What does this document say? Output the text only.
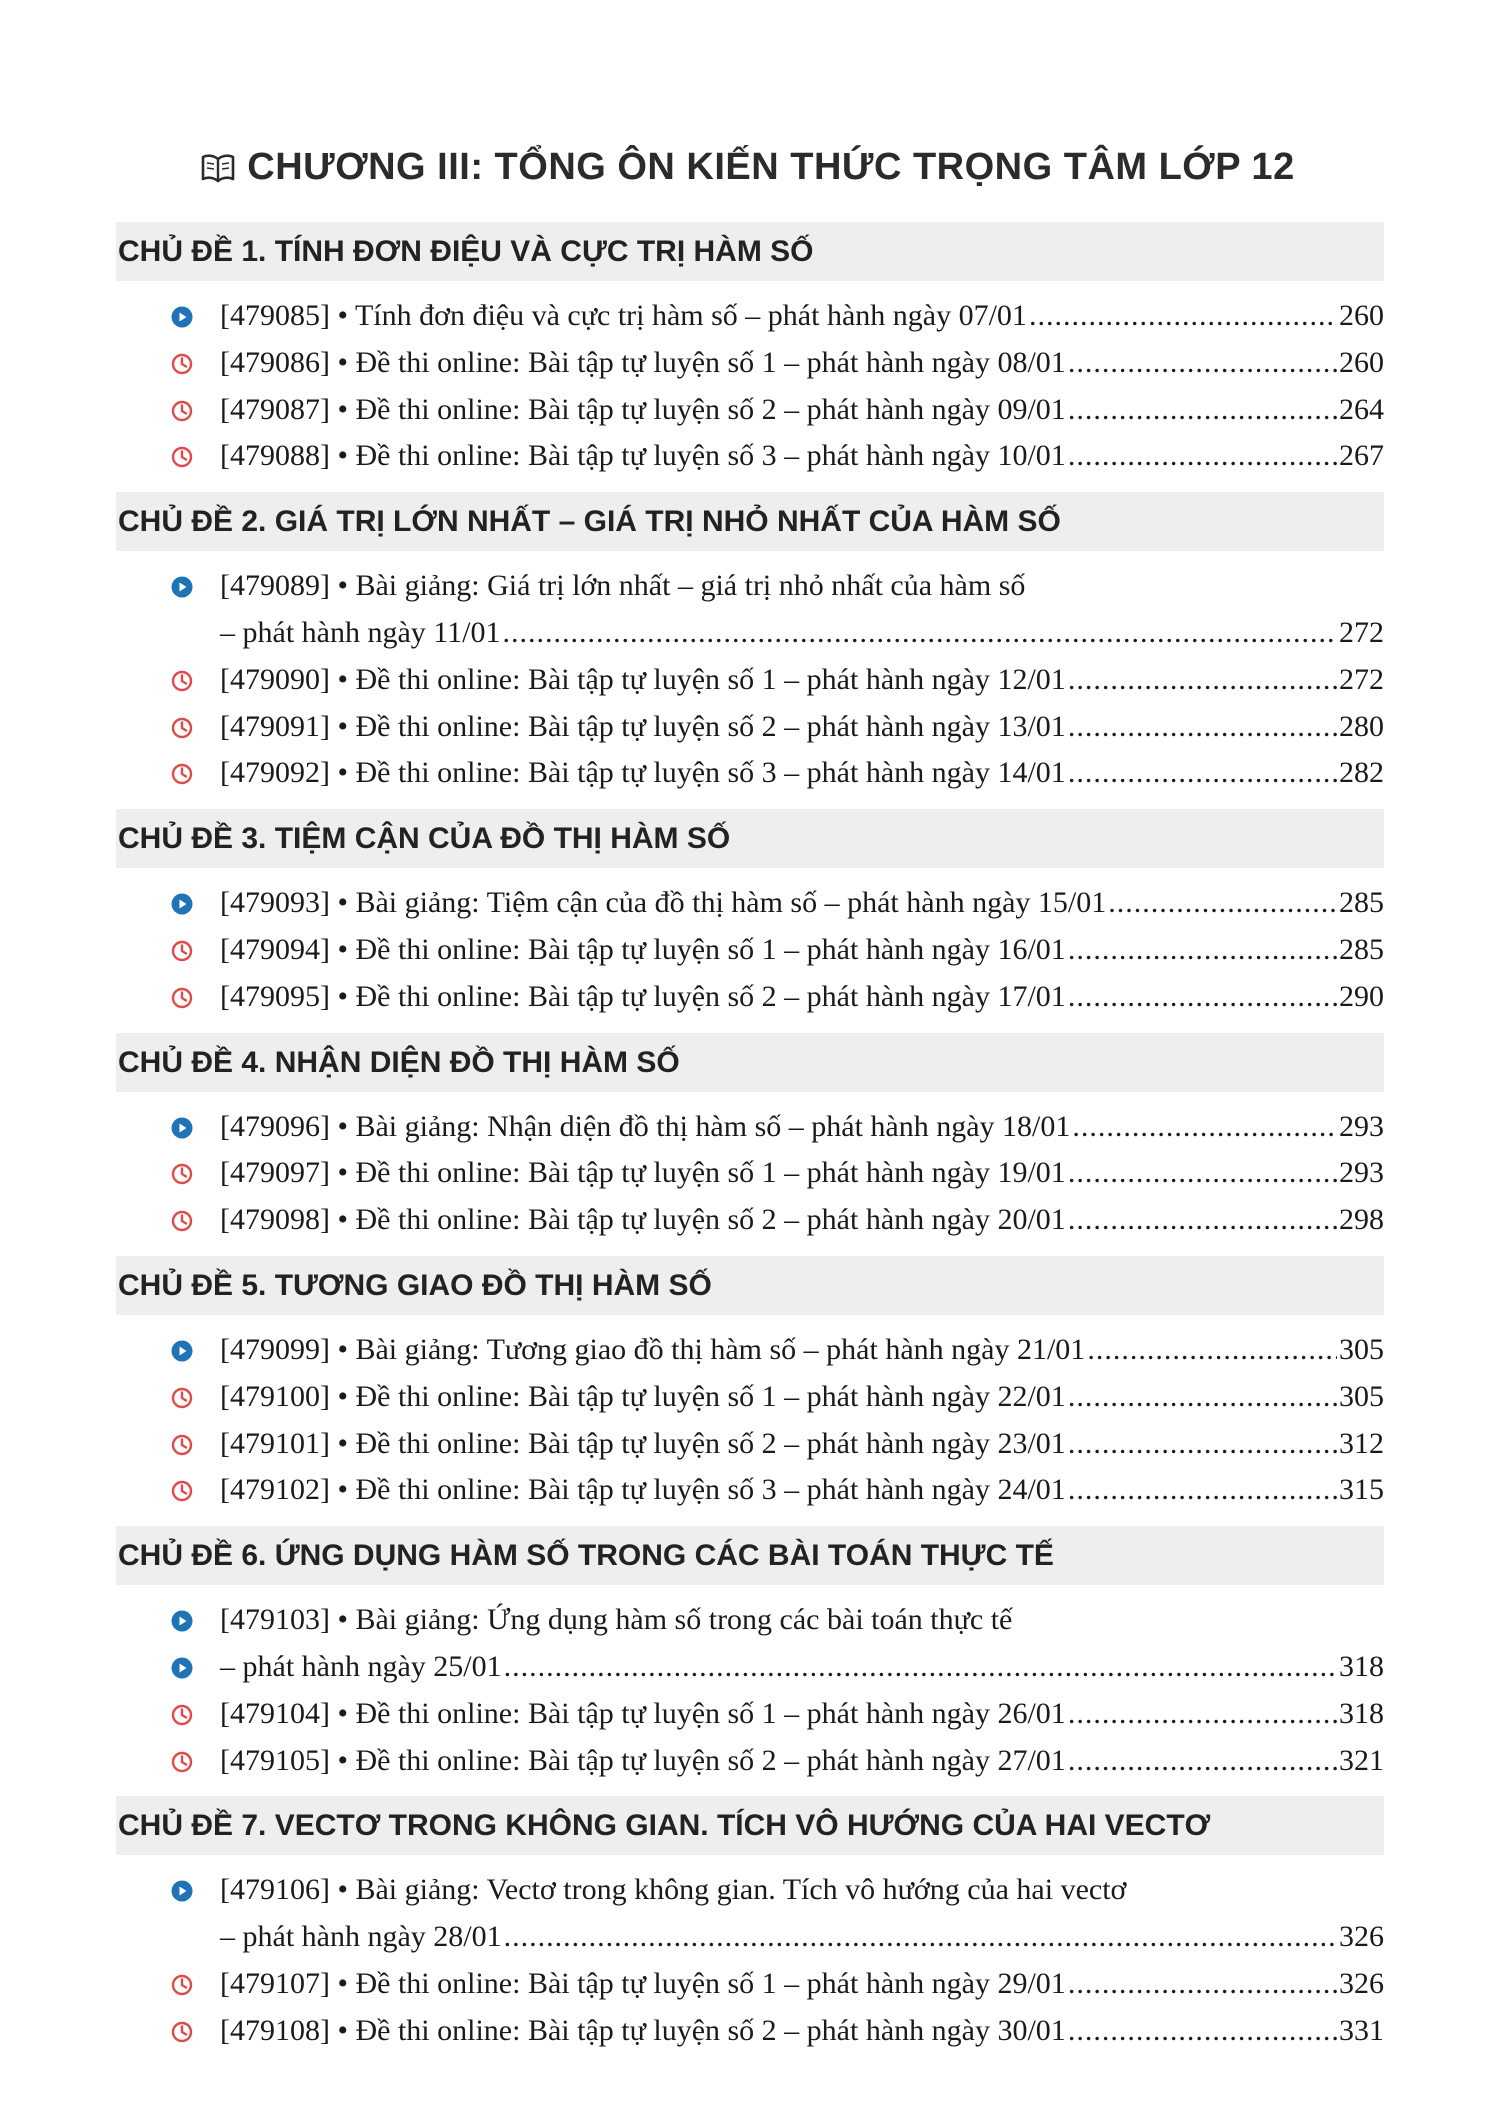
CHƯƠNG III: TỔNG ÔN KIẾN THỨC TRỌNG TÂM LỚP 12
CHỦ ĐỀ 1. TÍNH ĐƠN ĐIỆU VÀ CỰC TRỊ HÀM SỐ
[479085] • Tính đơn điệu và cực trị hàm số – phát hành ngày 07/01 .....	260
[479086] • Đề thi online: Bài tập tự luyện số 1 – phát hành ngày 08/01 .....	260
[479087] • Đề thi online: Bài tập tự luyện số 2 – phát hành ngày 09/01 .....	264
[479088] • Đề thi online: Bài tập tự luyện số 3 – phát hành ngày 10/01 .....	267
CHỦ ĐỀ 2. GIÁ TRỊ LỚN NHẤT – GIÁ TRỊ NHỎ NHẤT CỦA HÀM SỐ
[479089] • Bài giảng: Giá trị lớn nhất – giá trị nhỏ nhất của hàm số
– phát hành ngày 11/01 .....	272
[479090] • Đề thi online: Bài tập tự luyện số 1 – phát hành ngày 12/01 .....	272
[479091] • Đề thi online: Bài tập tự luyện số 2 – phát hành ngày 13/01 .....	280
[479092] • Đề thi online: Bài tập tự luyện số 3 – phát hành ngày 14/01 .....	282
CHỦ ĐỀ 3. TIỆM CẬN CỦA ĐỒ THỊ HÀM SỐ
[479093] • Bài giảng: Tiệm cận của đồ thị hàm số – phát hành ngày 15/01 .....	285
[479094] • Đề thi online: Bài tập tự luyện số 1 – phát hành ngày 16/01 .....	285
[479095] • Đề thi online: Bài tập tự luyện số 2 – phát hành ngày 17/01 .....	290
CHỦ ĐỀ 4. NHẬN DIỆN ĐỒ THỊ HÀM SỐ
[479096] • Bài giảng: Nhận diện đồ thị hàm số – phát hành ngày 18/01 .....	293
[479097] • Đề thi online: Bài tập tự luyện số 1 – phát hành ngày 19/01 .....	293
[479098] • Đề thi online: Bài tập tự luyện số 2 – phát hành ngày 20/01 .....	298
CHỦ ĐỀ 5. TƯƠNG GIAO ĐỒ THỊ HÀM SỐ
[479099] • Bài giảng: Tương giao đồ thị hàm số – phát hành ngày 21/01 .....	305
[479100] • Đề thi online: Bài tập tự luyện số 1 – phát hành ngày 22/01 .....	305
[479101] • Đề thi online: Bài tập tự luyện số 2 – phát hành ngày 23/01 .....	312
[479102] • Đề thi online: Bài tập tự luyện số 3 – phát hành ngày 24/01 .....	315
CHỦ ĐỀ 6. ỨNG DỤNG HÀM SỐ TRONG CÁC BÀI TOÁN THỰC TẾ
[479103] • Bài giảng: Ứng dụng hàm số trong các bài toán thực tế
– phát hành ngày 25/01 .....	318
[479104] • Đề thi online: Bài tập tự luyện số 1 – phát hành ngày 26/01 .....	318
[479105] • Đề thi online: Bài tập tự luyện số 2 – phát hành ngày 27/01 .....	321
CHỦ ĐỀ 7. VECTƠ TRONG KHÔNG GIAN. TÍCH VÔ HƯỚNG CỦA HAI VECTƠ
[479106] • Bài giảng: Vectơ trong không gian. Tích vô hướng của hai vectơ
– phát hành ngày 28/01 .....	326
[479107] • Đề thi online: Bài tập tự luyện số 1 – phát hành ngày 29/01 .....	326
[479108] • Đề thi online: Bài tập tự luyện số 2 – phát hành ngày 30/01 .....	331
